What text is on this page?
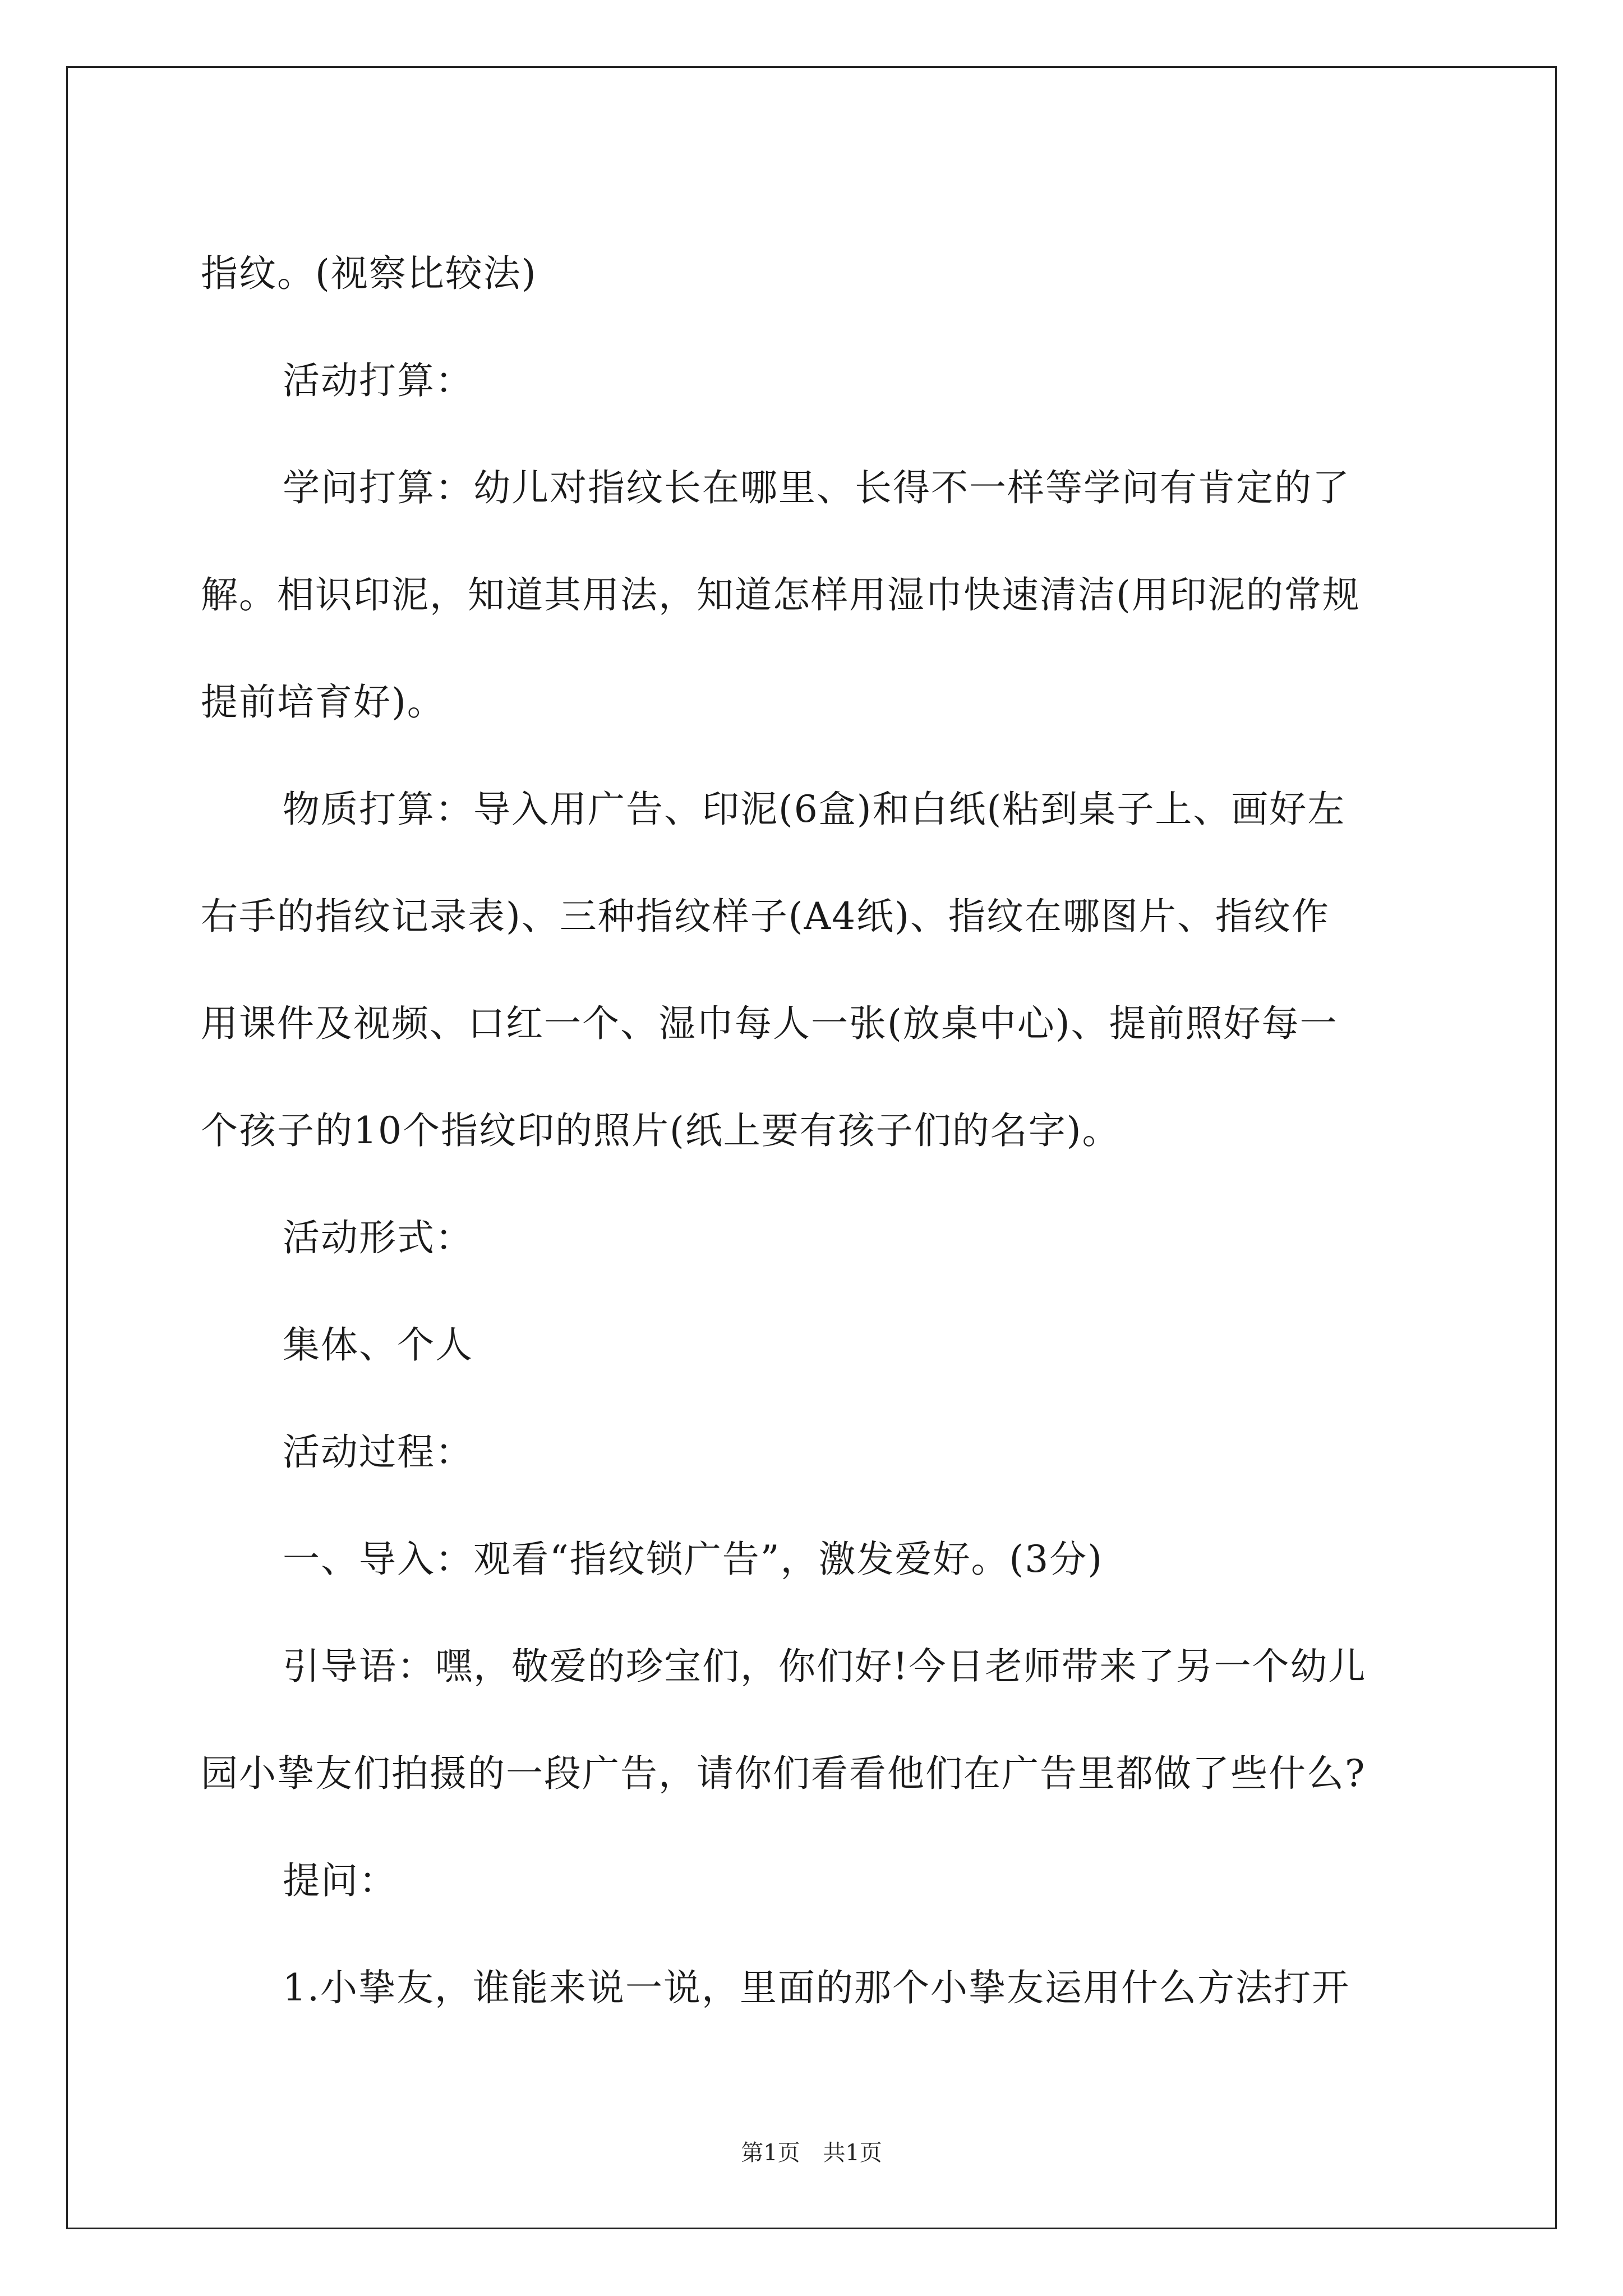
指纹。(视察比较法)

活动打算：

学问打算：幼儿对指纹长在哪里、长得不一样等学问有肯定的了

解。相识印泥，知道其用法，知道怎样用湿巾快速清洁(用印泥的常规

提前培育好)。

物质打算：导入用广告、印泥(6盒)和白纸(粘到桌子上、画好左

右手的指纹记录表)、三种指纹样子(A4纸)、指纹在哪图片、指纹作

用课件及视频、口红一个、湿巾每人一张(放桌中心)、提前照好每一

个孩子的10个指纹印的照片(纸上要有孩子们的名字)。

活动形式：

集体、个人

活动过程：

一、导入：观看“指纹锁广告”，激发爱好。(3分)

引导语：嘿，敬爱的珍宝们，你们好!今日老师带来了另一个幼儿

园小挚友们拍摄的一段广告，请你们看看他们在广告里都做了些什么?

提问：

1.小挚友，谁能来说一说，里面的那个小挚友运用什么方法打开

第1页 共1页
